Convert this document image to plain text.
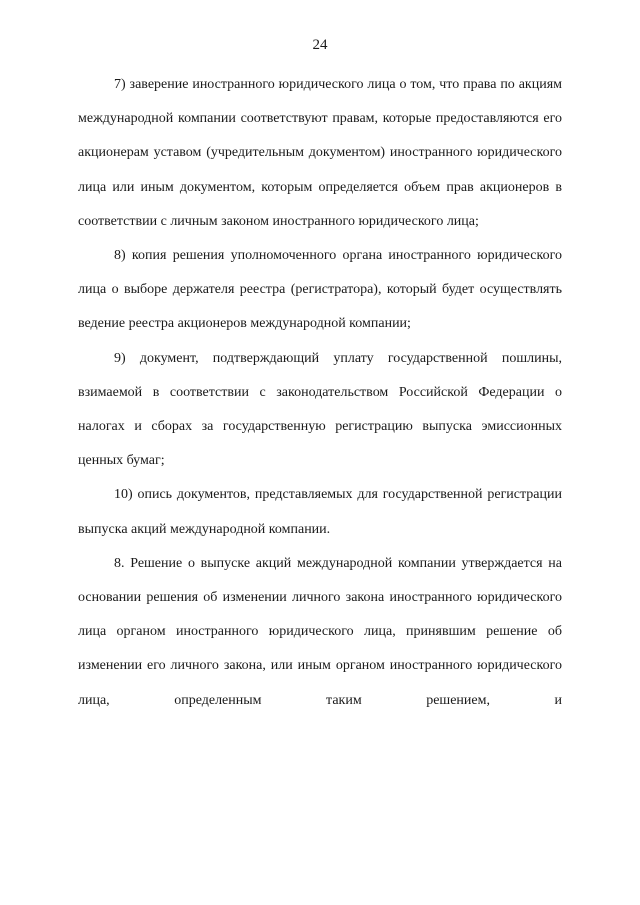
24

7) заверение иностранного юридического лица о том, что права по акциям международной компании соответствуют правам, которые предоставляются его акционерам уставом (учредительным документом) иностранного юридического лица или иным документом, которым определяется объем прав акционеров в соответствии с личным законом иностранного юридического лица;

8) копия решения уполномоченного органа иностранного юридического лица о выборе держателя реестра (регистратора), который будет осуществлять ведение реестра акционеров международной компании;

9) документ, подтверждающий уплату государственной пошлины, взимаемой в соответствии с законодательством Российской Федерации о налогах и сборах за государственную регистрацию выпуска эмиссионных ценных бумаг;

10) опись документов, представляемых для государственной регистрации выпуска акций международной компании.

8. Решение о выпуске акций международной компании утверждается на основании решения об изменении личного закона иностранного юридического лица органом иностранного юридического лица, принявшим решение об изменении его личного закона, или иным органом иностранного юридического лица, определенным таким решением, и
